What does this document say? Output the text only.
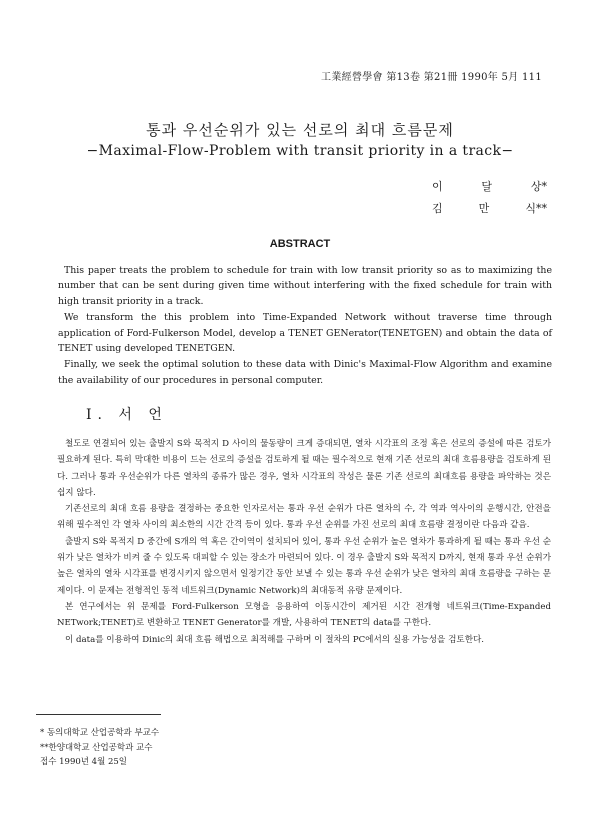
工業經營學會 第13卷 第21冊 1990年 5月 111
통과 우선순위가 있는 선로의 최대 흐름문제
−Maximal-Flow-Problem with transit priority in a track−
이	달	상*
김	만	식**
ABSTRACT

This paper treats the problem to schedule for train with low transit priority so as to maximizing the number that can be sent during given time without interfering with the fixed schedule for train with high transit priority in a track.

We transform the this problem into Time-Expanded Network without traverse time through application of Ford-Fulkerson Model, develop a TENET GENerator(TENETGEN) and obtain the data of TENET using developed TENETGEN.

Finally, we seek the optimal solution to these data with Dinic's Maximal-Flow Algorithm and examine the availability of our procedures in personal computer.

Ⅰ. 서 언

철도로 연결되어 있는 출발지 S와 목적지 D 사이의 물동량이 크게 증대되면, 열차 시각표의 조정 혹은 선로의 증설에 따른 검토가 필요하게 된다. 특히 막대한 비용이 드는 선로의 증설을 검토하게 될 때는 필수적으로 현재 기존 선로의 최대 흐름용량을 검토하게 된다. 그러나 통과 우선순위가 다른 열차의 종류가 많은 경우, 열차 시각표의 작성은 물론 기존 선로의 최대흐름 용량을 파악하는 것은 쉽지 않다.

기존선로의 최대 흐름 용량을 결정하는 중요한 인자로서는 통과 우선 순위가 다른 열차의 수, 각 역과 역사이의 운행시간, 안전을 위해 필수적인 각 열차 사이의 최소한의 시간 간격 등이 있다. 통과 우선 순위를 가진 선로의 최대 흐름량 결정이란 다음과 같음.

출발지 S와 목적지 D 중간에 S개의 역 혹은 간이역이 설치되어 있어, 통과 우선 순위가 높은 열차가 통과하게 될 때는 통과 우선 순위가 낮은 열차가 비켜 줄 수 있도록 대피할 수 있는 장소가 마련되어 있다. 이 경우 출발지 S와 목적지 D까지, 현재 통과 우선 순위가 높은 열차의 열차 시각표를 변경시키지 않으면서 일정기간 동안 보낼 수 있는 통과 우선 순위가 낮은 열차의 최대 흐름량을 구하는 문제이다. 이 문제는 전형적인 동적 네트워크(Dynamic Network)의 최대동적 유량 문제이다.

본 연구에서는 위 문제를 Ford-Fulkerson 모형을 응용하여 이동시간이 제거된 시간 전개형 네트워크(Time-Expanded NETwork;TENET)로 변환하고 TENET Generator를 개발, 사용하여 TENET의 data를 구한다.

이 data를 이용하여 Dinic의 최대 흐름 해법으로 최적해를 구하며 이 절차의 PC에서의 실용 가능성을 검토한다.

* 동의대학교 산업공학과 부교수
**한양대학교 산업공학과 교수
접수 1990년 4월 25일
